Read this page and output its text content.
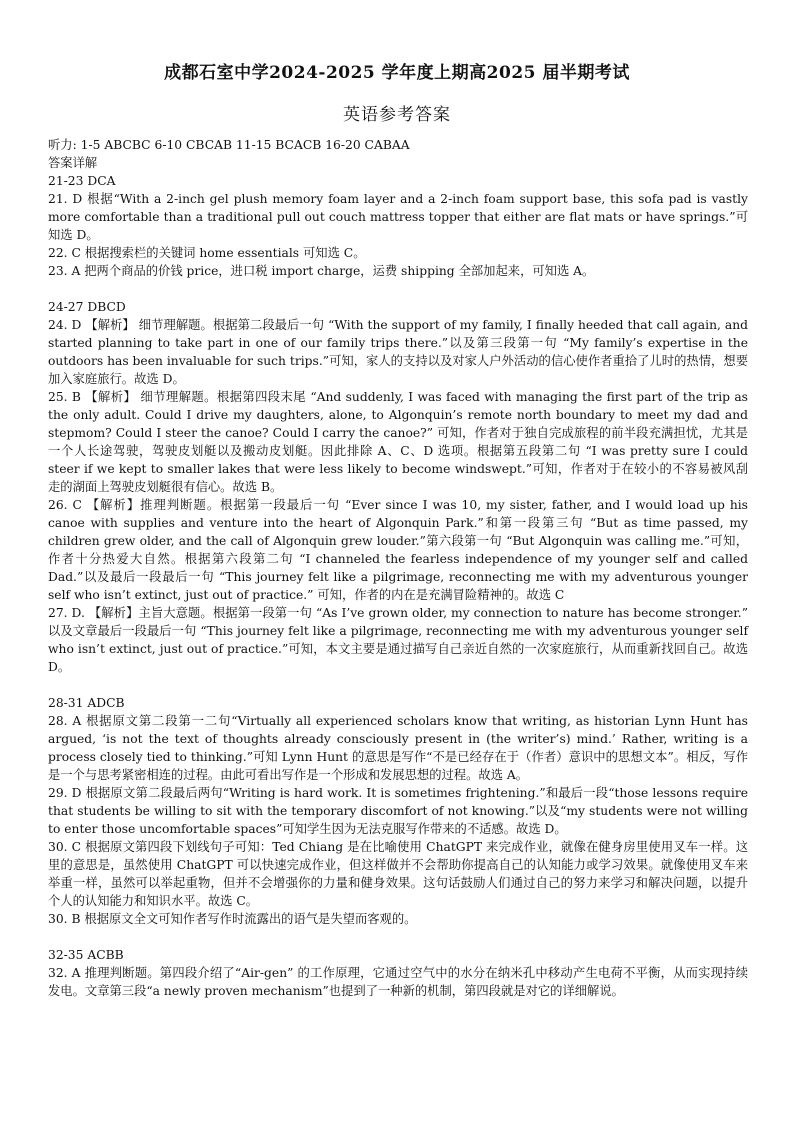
成都石室中学2024-2025 学年度上期高2025 届半期考试
英语参考答案
听力: 1-5 ABCBC 6-10 CBCAB 11-15 BCACB 16-20 CABAA
答案详解
21-23 DCA

21. D 根据“With a 2-inch gel plush memory foam layer and a 2-inch foam support base, this sofa pad is vastly more comfortable than a traditional pull out couch mattress topper that either are flat mats or have springs.”可知选 D。

22. C 根据搜索栏的关键词 home essentials 可知选 C。

23. A 把两个商品的价钱 price，进口税 import charge，运费 shipping 全部加起来，可知选 A。

24-27 DBCD

24. D 【解析】 细节理解题。根据第二段最后一句 “With the support of my family, I finally heeded that call again, and started planning to take part in one of our family trips there.”以及第三段第一句 “My family’s expertise in the outdoors has been invaluable for such trips.”可知，家人的支持以及对家人户外活动的信心使作者重拾了儿时的热情，想要加入家庭旅行。故选 D。

25. B 【解析】 细节理解题。根据第四段末尾 “And suddenly, I was faced with managing the first part of the trip as the only adult. Could I drive my daughters, alone, to Algonquin’s remote north boundary to meet my dad and stepmom? Could I steer the canoe? Could I carry the canoe?” 可知，作者对于独自完成旅程的前半段充满担忧，尤其是一个人长途驾驶，驾驶皮划艇以及搬动皮划艇。因此排除 A、C、D 选项。根据第五段第二句 “I was pretty sure I could steer if we kept to smaller lakes that were less likely to become windswept.”可知，作者对于在较小的不容易被风刮走的湖面上驾驶皮划艇很有信心。故选 B。

26. C 【解析】推理判断题。根据第一段最后一句 “Ever since I was 10, my sister, father, and I would load up his canoe with supplies and venture into the heart of Algonquin Park.”和第一段第三句 “But as time passed, my children grew older, and the call of Algonquin grew louder.”第六段第一句 “But Algonquin was calling me.”可知，作者十分热爱大自然。根据第六段第二句 “I channeled the fearless independence of my younger self and called Dad.”以及最后一段最后一句 “This journey felt like a pilgrimage, reconnecting me with my adventurous younger self who isn’t extinct, just out of practice.” 可知，作者的内在是充满冒险精神的。故选 C

27. D. 【解析】主旨大意题。根据第一段第一句 “As I’ve grown older, my connection to nature has become stronger.” 以及文章最后一段最后一句 “This journey felt like a pilgrimage, reconnecting me with my adventurous younger self who isn’t extinct, just out of practice.”可知，本文主要是通过描写自己亲近自然的一次家庭旅行，从而重新找回自己。故选 D。

28-31 ADCB

28. A 根据原文第二段第一二句“Virtually all experienced scholars know that writing, as historian Lynn Hunt has argued, ‘is not the text of thoughts already consciously present in (the writer’s) mind.’ Rather, writing is a process closely tied to thinking.”可知 Lynn Hunt 的意思是写作“不是已经存在于（作者）意识中的思想文本”。相反，写作是一个与思考紧密相连的过程。由此可看出写作是一个形成和发展思想的过程。故选 A。

29. D 根据原文第二段最后两句“Writing is hard work. It is sometimes frightening.”和最后一段“those lessons require that students be willing to sit with the temporary discomfort of not knowing.”以及“my students were not willing to enter those uncomfortable spaces”可知学生因为无法克服写作带来的不适感。故选 D。

30. C 根据原文第四段下划线句子可知：Ted Chiang 是在比喻使用 ChatGPT 来完成作业，就像在健身房里使用叉车一样。这里的意思是，虽然使用 ChatGPT 可以快速完成作业，但这样做并不会帮助你提高自己的认知能力或学习效果。就像使用叉车来举重一样，虽然可以举起重物，但并不会增强你的力量和健身效果。这句话鼓励人们通过自己的努力来学习和解决问题，以提升个人的认知能力和知识水平。故选 C。

30. B 根据原文全文可知作者写作时流露出的语气是失望而客观的。

32-35 ACBB

32. A 推理判断题。第四段介绍了“Air-gen” 的工作原理，它通过空气中的水分在纳米孔中移动产生电荷不平衡，从而实现持续发电。文章第三段“a newly proven mechanism”也提到了一种新的机制，第四段就是对它的详细解说。
